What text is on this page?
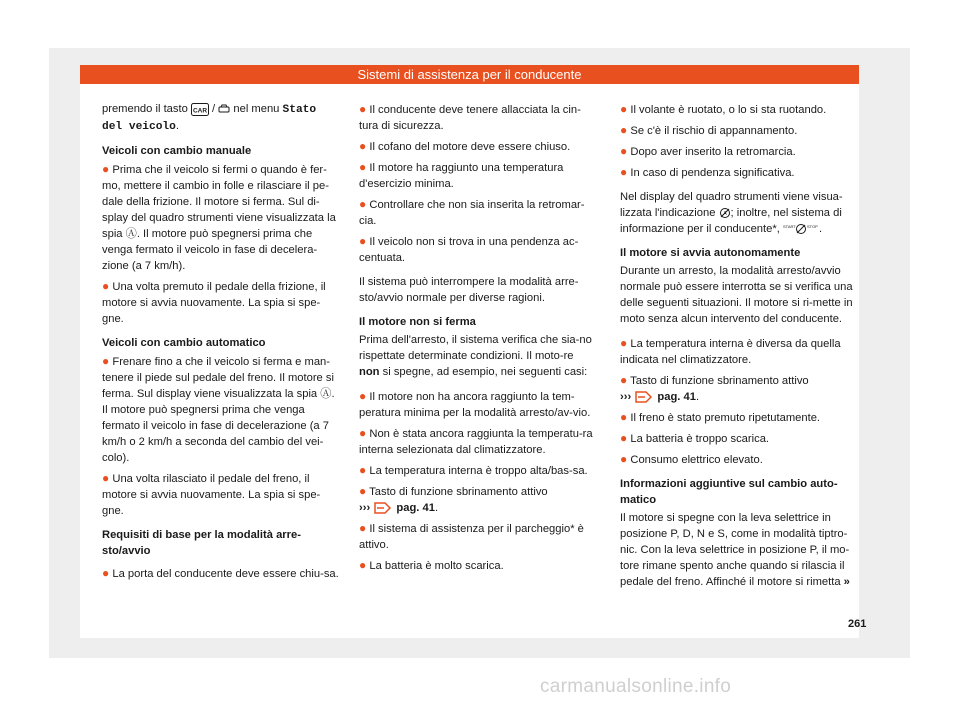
Sistemi di assistenza per il conducente

premendo il tasto CAR / nel menu Stato
del veicolo.

Veicoli con cambio manuale

● Prima che il veicolo si fermi o quando è fer-mo, mettere il cambio in folle e rilasciare il pe-dale della frizione. Il motore si ferma. Sul di-splay del quadro strumenti viene visualizzata la spia Ⓐ. Il motore può spegnersi prima che venga fermato il veicolo in fase di decelera-zione (a 7 km/h).

● Una volta premuto il pedale della frizione, il motore si avvia nuovamente. La spia si spe-gne.

Veicoli con cambio automatico

● Frenare fino a che il veicolo si ferma e man-tenere il piede sul pedale del freno. Il motore si ferma. Sul display viene visualizzata la spia Ⓐ. Il motore può spegnersi prima che venga fermato il veicolo in fase di decelerazione (a 7 km/h o 2 km/h a seconda del cambio del vei-colo).

● Una volta rilasciato il pedale del freno, il motore si avvia nuovamente. La spia si spe-gne.

Requisiti di base per la modalità arre-sto/avvio

● La porta del conducente deve essere chiu-sa.

● Il conducente deve tenere allacciata la cin-tura di sicurezza.

● Il cofano del motore deve essere chiuso.

● Il motore ha raggiunto una temperatura d'esercizio minima.

● Controllare che non sia inserita la retromar-cia.

● Il veicolo non si trova in una pendenza ac-centuata.

Il sistema può interrompere la modalità arre-sto/avvio normale per diverse ragioni.

Il motore non si ferma

Prima dell'arresto, il sistema verifica che sia-no rispettate determinate condizioni. Il moto-re non si spegne, ad esempio, nei seguenti casi:

● Il motore non ha ancora raggiunto la tem-peratura minima per la modalità arresto/av-vio.

● Non è stata ancora raggiunta la temperatu-ra interna selezionata dal climatizzatore.

● La temperatura interna è troppo alta/bas-sa.

● Tasto di funzione sbrinamento attivo
››› pag. 41.

● Il sistema di assistenza per il parcheggio* è attivo.

● La batteria è molto scarica.

● Il volante è ruotato, o lo si sta ruotando.

● Se c'è il rischio di appannamento.

● Dopo aver inserito la retromarcia.

● In caso di pendenza significativa.

Nel display del quadro strumenti viene visua-lizzata l'indicazione A ; inoltre, nel sistema di informazione per il conducente*, START	STOP .

Il motore si avvia autonomamente

Durante un arresto, la modalità arresto/avvio normale può essere interrotta se si verifica una delle seguenti situazioni. Il motore si ri-mette in moto senza alcun intervento del conducente.

● La temperatura interna è diversa da quella indicata nel climatizzatore.

● Tasto di funzione sbrinamento attivo
››› pag. 41.

● Il freno è stato premuto ripetutamente.

● La batteria è troppo scarica.

● Consumo elettrico elevato.

Informazioni aggiuntive sul cambio auto-matico

Il motore si spegne con la leva selettrice in posizione P, D, N e S, come in modalità tiptro-nic. Con la leva selettrice in posizione P, il mo-tore rimane spento anche quando si rilascia il pedale del freno. Affinché il motore si rimetta »

261
carmanualsonline.info
